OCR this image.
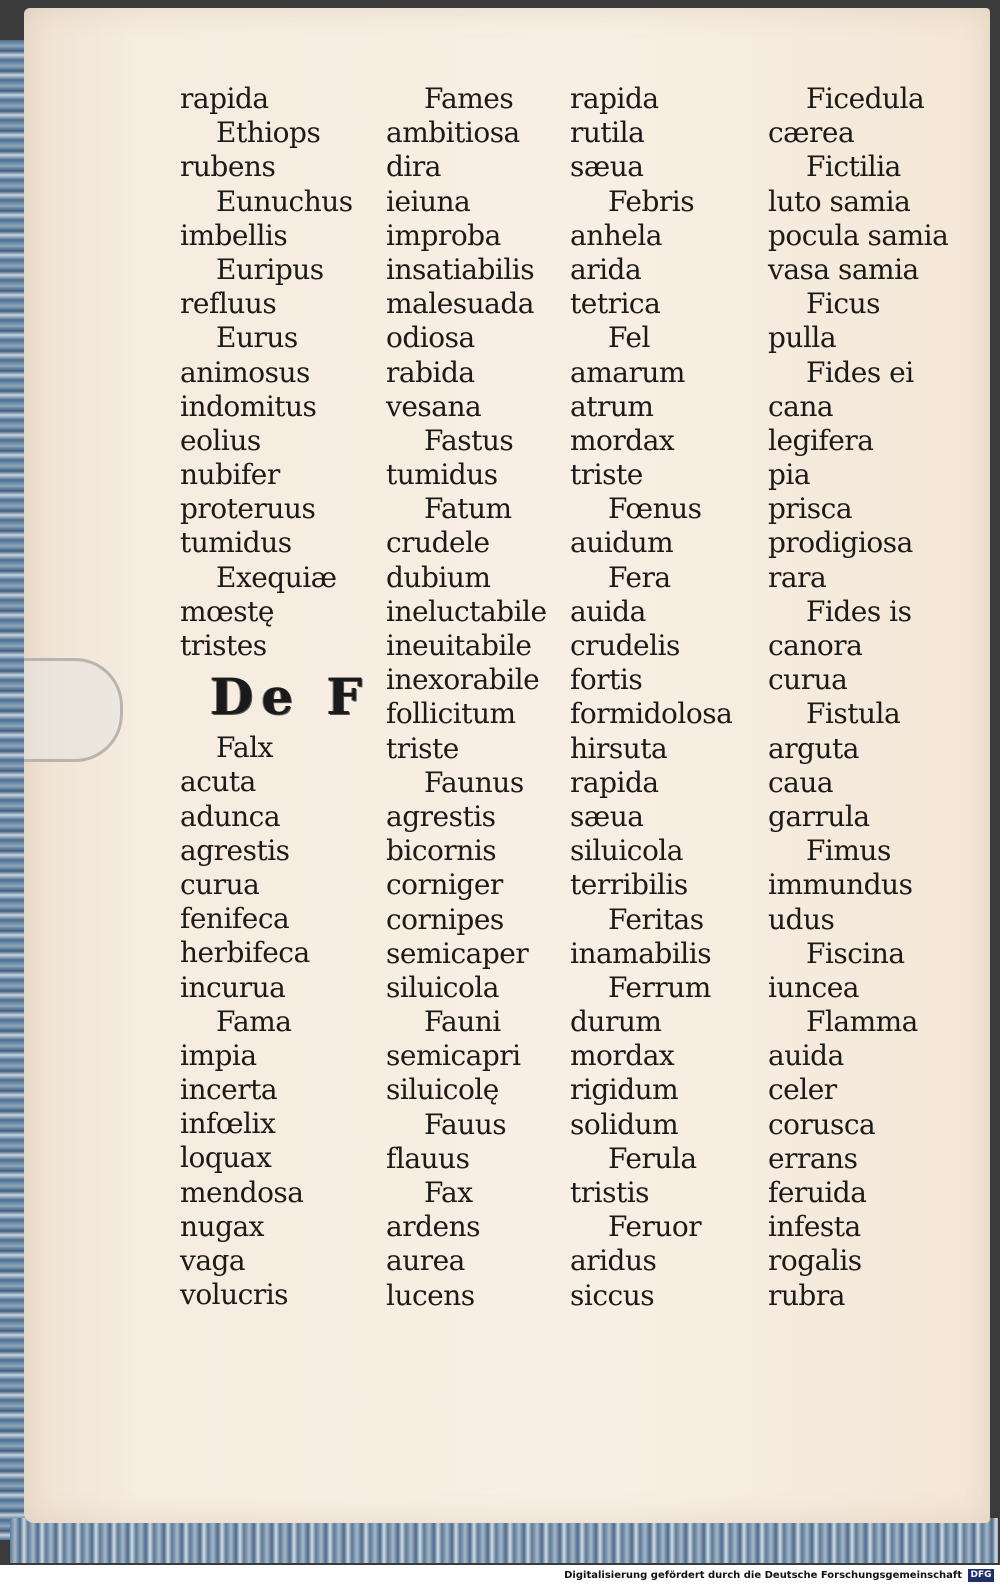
rapida
Ethiops
rubens
Eunuchus
imbellis
Euripus
refluus
Eurus
animosus
indomitus
eolius
nubifer
proteruus
tumidus
Exequiæ
mœstę
tristes
De F
Falx
acuta
adunca
agrestis
curua
fenifeca
herbifeca
incurua
Fama
impia
incerta
infœlix
loquax
mendosa
nugax
vaga
volucris
Fames
ambitiosa
dira
ieiuna
improba
insatiabilis
malesuada
odiosa
rabida
vesana
Fastus
tumidus
Fatum
crudele
dubium
ineluctabile
ineuitabile
inexorabile
follicitum
triste
Faunus
agrestis
bicornis
corniger
cornipes
semicaper
siluicola
Fauni
semicapri
siluicolę
Fauus
flauus
Fax
ardens
aurea
lucens
rapida
rutila
sæua
Febris
anhela
arida
tetrica
Fel
amarum
atrum
mordax
triste
Fœnus
auidum
Fera
auida
crudelis
fortis
formidolosa
hirsuta
rapida
sæua
siluicola
terribilis
Feritas
inamabilis
Ferrum
durum
mordax
rigidum
solidum
Ferula
tristis
Feruor
aridus
siccus
Ficedula
cærea
Fictilia
luto samia
pocula samia
vasa samia
Ficus
pulla
Fides ei
cana
legifera
pia
prisca
prodigiosa
rara
Fides is
canora
curua
Fistula
arguta
caua
garrula
Fimus
immundus
udus
Fiscina
iuncea
Flamma
auida
celer
corusca
errans
feruida
infesta
rogalis
rubra
Digitalisierung gefördert durch die Deutsche Forschungsgemeinschaft DFG
